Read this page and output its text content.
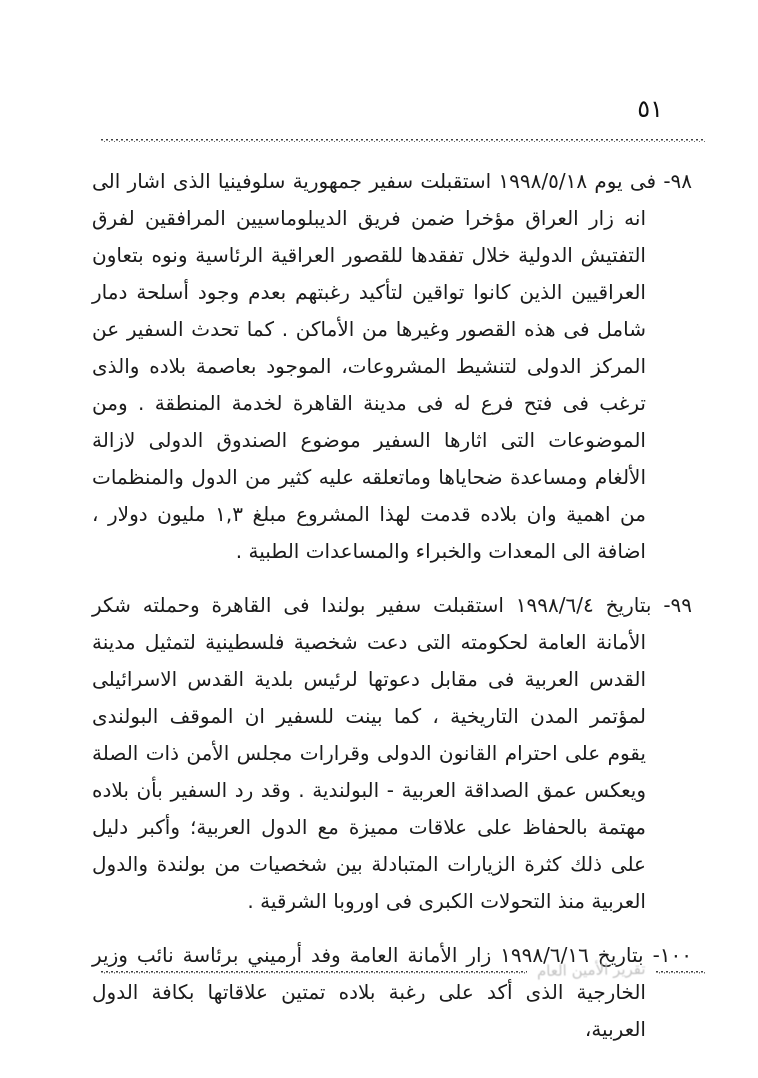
٥١

٩٨-فى يوم ١٩٩٨/٥/١٨ استقبلت سفير جمهورية سلوفينيا الذى اشار الى انه زار العراق مؤخرا ضمن فريق الديبلوماسيين المرافقين لفرق التفتيش الدولية خلال تفقدها للقصور العراقية الرئاسية ونوه بتعاون العراقيين الذين كانوا تواقين لتأكيد رغبتهم بعدم وجود أسلحة دمار شامل فى هذه القصور وغيرها من الأماكن . كما تحدث السفير عن المركز الدولى لتنشيط المشروعات، الموجود بعاصمة بلاده والذى ترغب فى فتح فرع له فى مدينة القاهرة لخدمة المنطقة . ومن الموضوعات التى اثارها السفير موضوع الصندوق الدولى لازالة الألغام ومساعدة ضحاياها وماتعلقه عليه كثير من الدول والمنظمات من اهمية وان بلاده قدمت لهذا المشروع مبلغ ١,٣ مليون دولار ، اضافة الى المعدات والخبراء والمساعدات الطبية .

٩٩-بتاريخ ١٩٩٨/٦/٤ استقبلت سفير بولندا فى القاهرة وحملته شكر الأمانة العامة لحكومته التى دعت شخصية فلسطينية لتمثيل مدينة القدس العربية فى مقابل دعوتها لرئيس بلدية القدس الاسرائيلى لمؤتمر المدن التاريخية ، كما بينت للسفير ان الموقف البولندى يقوم على احترام القانون الدولى وقرارات مجلس الأمن ذات الصلة ويعكس عمق الصداقة العربية - البولندية . وقد رد السفير بأن بلاده مهتمة بالحفاظ على علاقات مميزة مع الدول العربية؛ وأكبر دليل على ذلك كثرة الزيارات المتبادلة بين شخصيات من بولندة والدول العربية منذ التحولات الكبرى فى اوروبا الشرقية .

١٠٠-بتاريخ ١٩٩٨/٦/١٦ زار الأمانة العامة وفد أرميني برئاسة نائب وزير الخارجية الذى أكد على رغبة بلاده تمتين علاقاتها بكافة الدول العربية،

تقرير الأمين العام
